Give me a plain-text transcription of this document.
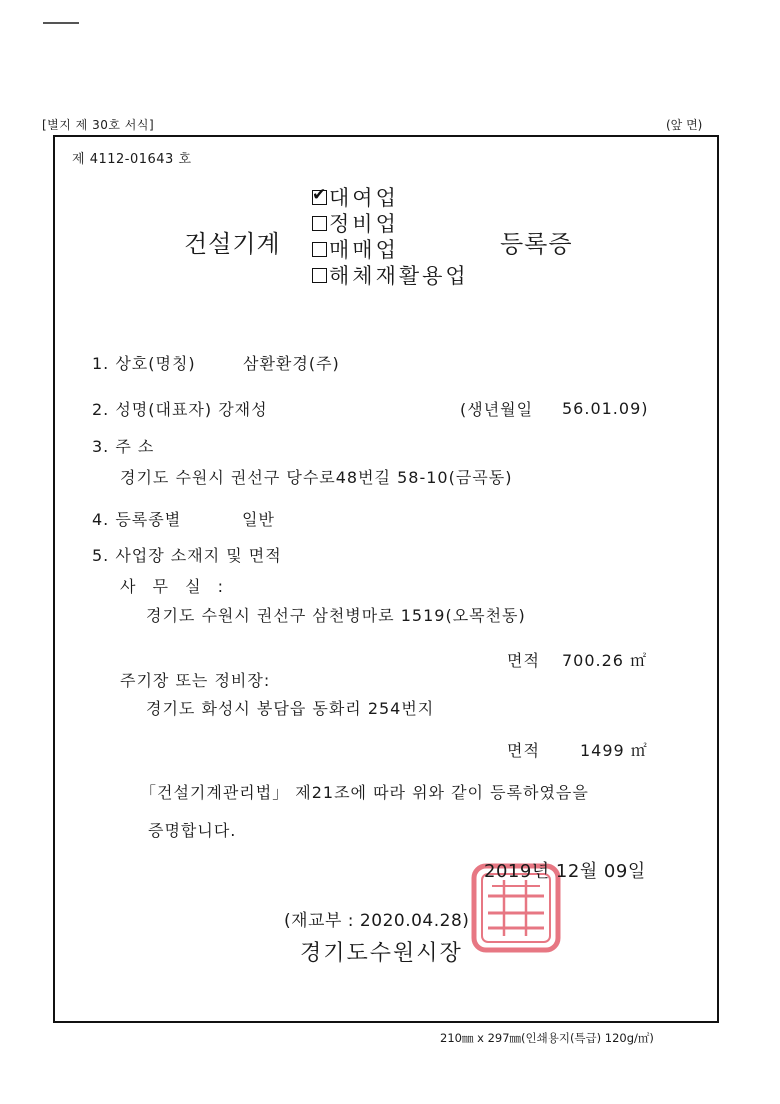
[별지 제 30호 서식]	(앞 면)
제 4112-01643 호
건설기계
✔
대여업
정비업
매매업
해체재활용업
등록증
1. 상호(명칭)	삼환환경(주)
2. 성명(대표자) 강재성	(생년월일 56.01.09)
3. 주 소
경기도 수원시 권선구 당수로48번길 58-10(금곡동)
4. 등록종별	일반
5. 사업장 소재지 및 면적
사 무 실 :
경기도 수원시 권선구 삼천병마로 1519(오목천동)
면적 700.26 ㎡
주기장 또는 정비장:
경기도 화성시 봉담읍 동화리 254번지
면적	1499 ㎡
「건설기계관리법」 제21조에 따라 위와 같이 등록하였음을
증명합니다.
2019년 12월 09일
(재교부 : 2020.04.28)
경기도수원시장
210㎜ x 297㎜(인쇄용지(특급) 120g/㎡)
